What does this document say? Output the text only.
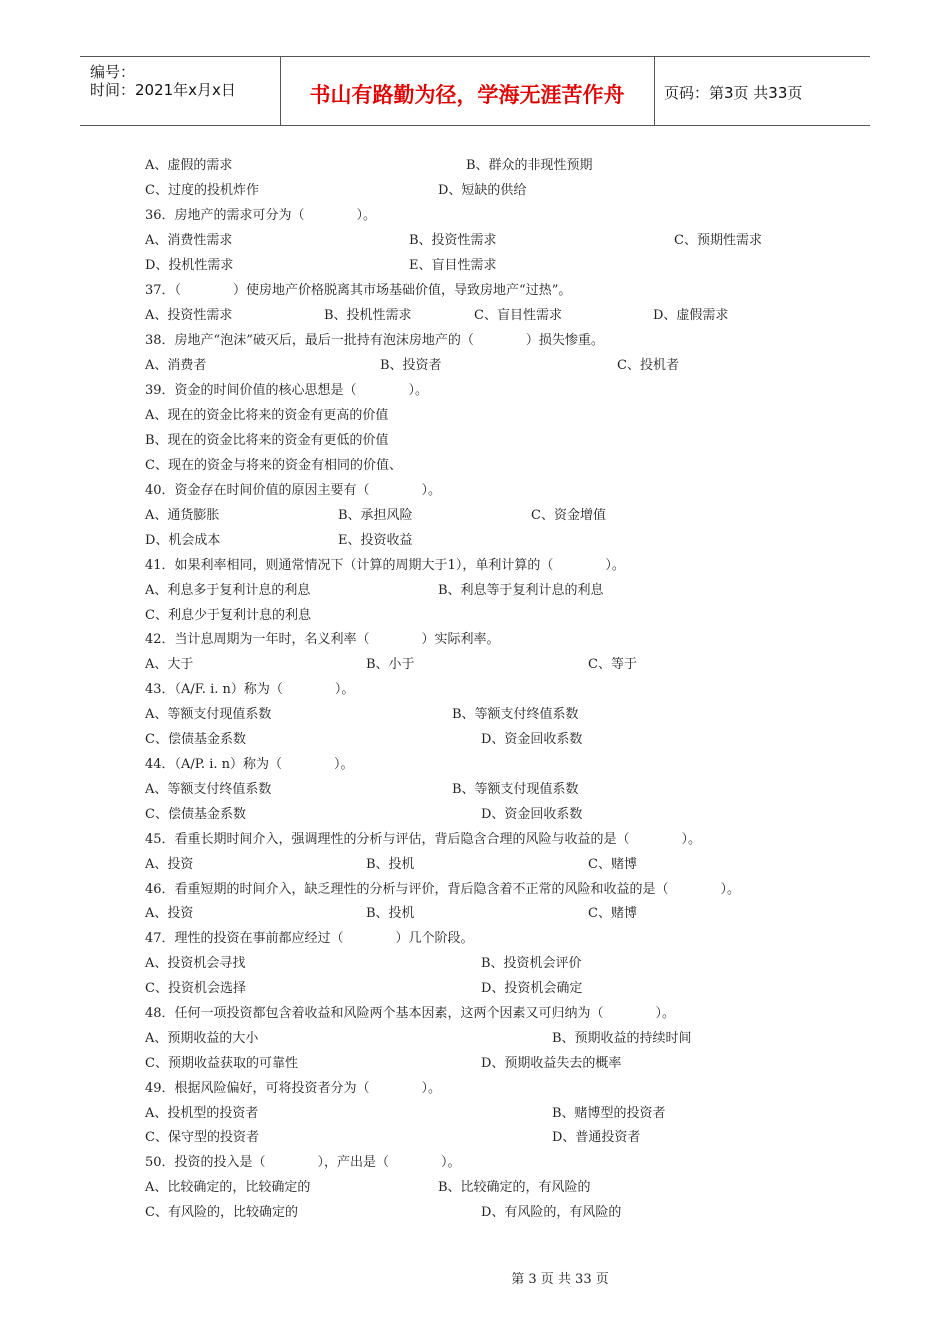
编号：
时间：2021年x月x日	书山有路勤为径，学海无涯苦作舟	页码：第3页 共33页
A、虚假的需求	B、群众的非现性预期
C、过度的投机炸作	D、短缺的供给
36．房地产的需求可分为（　　　　）。
A、消费性需求	B、投资性需求	C、预期性需求
D、投机性需求	E、盲目性需求
37．（　　　　）使房地产价格脱离其市场基础价值，导致房地产“过热”。
A、投资性需求	B、投机性需求	C、盲目性需求	D、虚假需求
38．房地产“泡沫”破灭后，最后一批持有泡沫房地产的（　　　　）损失惨重。
A、消费者	B、投资者	C、投机者
39．资金的时间价值的核心思想是（　　　　）。
A、现在的资金比将来的资金有更高的价值
B、现在的资金比将来的资金有更低的价值
C、现在的资金与将来的资金有相同的价值、
40．资金存在时间价值的原因主要有（　　　　）。
A、通货膨胀	B、承担风险	C、资金增值
D、机会成本	E、投资收益
41．如果利率相同，则通常情况下（计算的周期大于1），单利计算的（　　　　）。
A、利息多于复利计息的利息	B、利息等于复利计息的利息
C、利息少于复利计息的利息
42．当计息周期为一年时，名义利率（　　　　）实际利率。
A、大于	B、小于	C、等于
43．（A/F. i. n）称为（　　　　）。
A、等额支付现值系数	B、等额支付终值系数
C、偿债基金系数	D、资金回收系数
44．（A/P. i. n）称为（　　　　）。
A、等额支付终值系数	B、等额支付现值系数
C、偿债基金系数	D、资金回收系数
45．看重长期时间介入，强调理性的分析与评估，背后隐含合理的风险与收益的是（　　　　）。
A、投资	B、投机	C、赌博
46．看重短期的时间介入，缺乏理性的分析与评价，背后隐含着不正常的风险和收益的是（　　　　）。
A、投资	B、投机	C、赌博
47．理性的投资在事前都应经过（　　　　）几个阶段。
A、投资机会寻找	B、投资机会评价
C、投资机会选择	D、投资机会确定
48．任何一项投资都包含着收益和风险两个基本因素，这两个因素又可归纳为（　　　　）。
A、预期收益的大小	B、预期收益的持续时间
C、预期收益获取的可靠性	D、预期收益失去的概率
49．根据风险偏好，可将投资者分为（　　　　）。
A、投机型的投资者	B、赌博型的投资者
C、保守型的投资者	D、普通投资者
50．投资的投入是（　　　　），产出是（　　　　）。
A、比较确定的，比较确定的	B、比较确定的，有风险的
C、有风险的，比较确定的	D、有风险的，有风险的
第 3 页 共 33 页
